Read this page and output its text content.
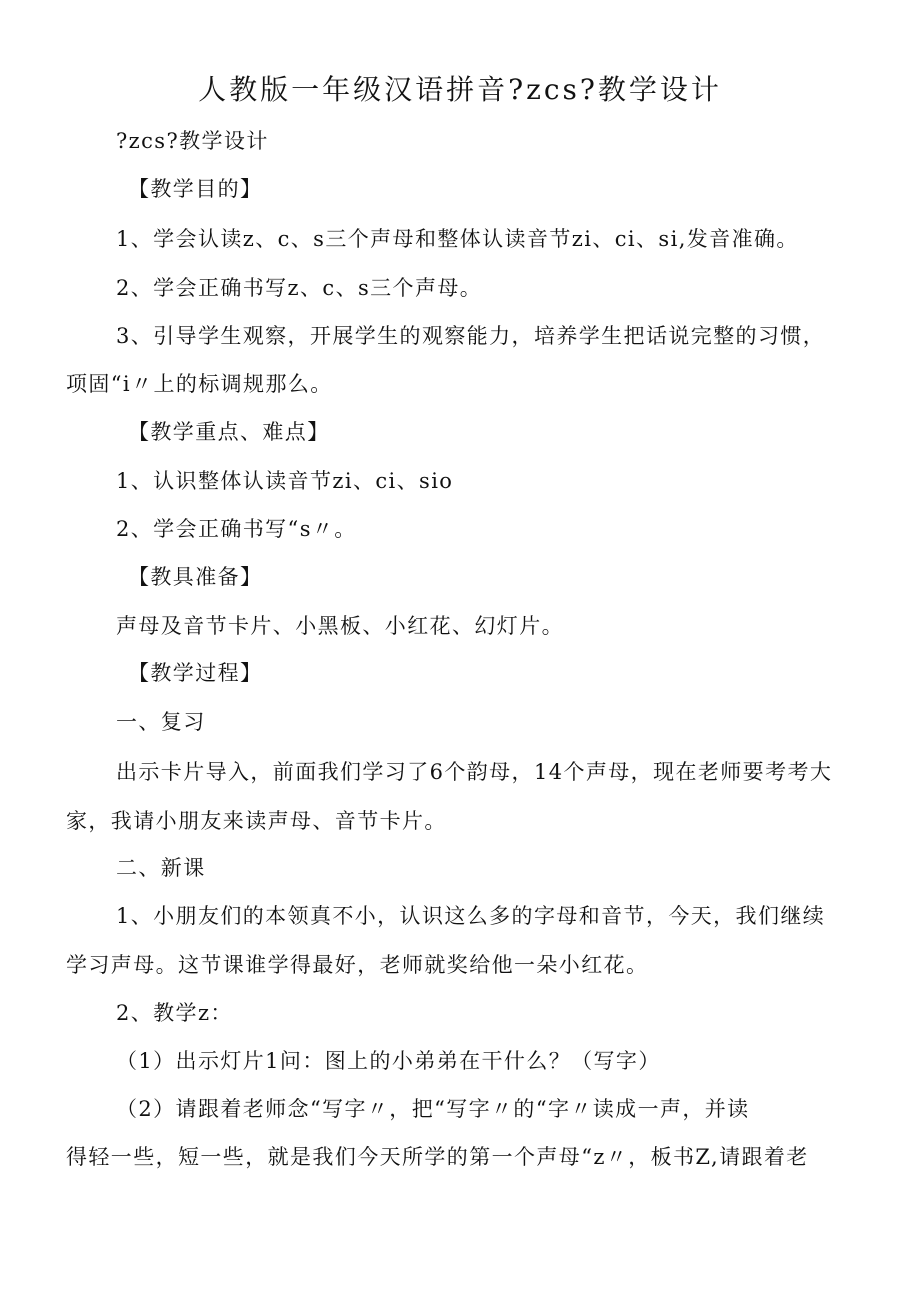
人教版一年级汉语拼音?zcs?教学设计
?zcs?教学设计
【教学目的】
1、学会认读z、c、s三个声母和整体认读音节zi、ci、si,发音准确。
2、学会正确书写z、c、s三个声母。
3、引导学生观察，开展学生的观察能力，培养学生把话说完整的习惯，
项固“i〃上的标调规那么。
【教学重点、难点】
1、认识整体认读音节zi、ci、sio
2、学会正确书写“s〃。
【教具准备】
声母及音节卡片、小黑板、小红花、幻灯片。
【教学过程】
一、复习
出示卡片导入，前面我们学习了6个韵母，14个声母，现在老师要考考大
家，我请小朋友来读声母、音节卡片。
二、新课
1、小朋友们的本领真不小，认识这么多的字母和音节，今天，我们继续
学习声母。这节课谁学得最好，老师就奖给他一朵小红花。
2、教学z：
（1）出示灯片1问：图上的小弟弟在干什么？（写字）
（2）请跟着老师念“写字〃，把“写字〃的“字〃读成一声，并读
得轻一些，短一些，就是我们今天所学的第一个声母“z〃，板书Z,请跟着老
